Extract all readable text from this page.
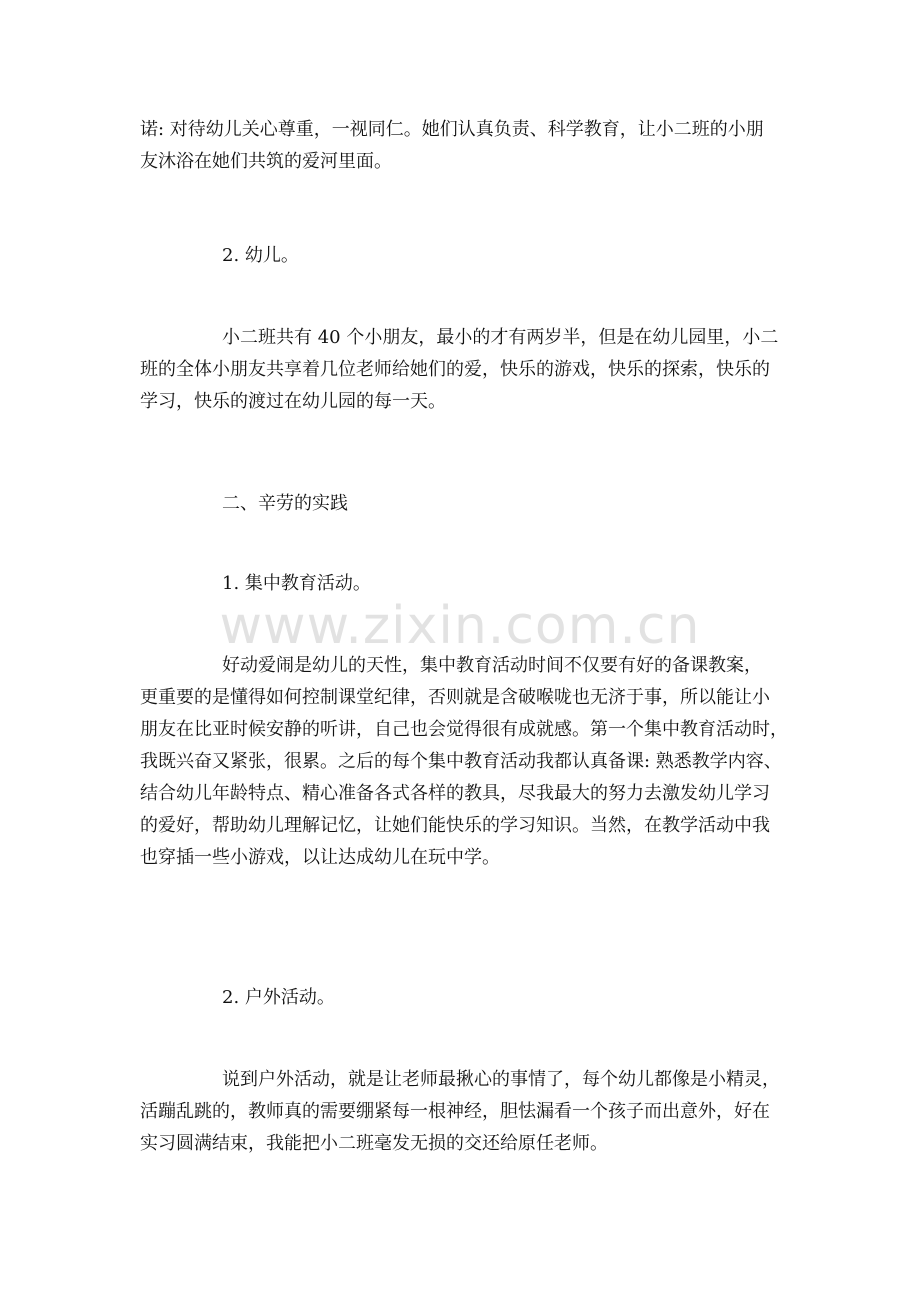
诺: 对待幼儿关心尊重，一视同仁。她们认真负责、科学教育，让小二班的小朋
友沐浴在她们共筑的爱河里面。
2. 幼儿。
小二班共有 40 个小朋友，最小的才有两岁半，但是在幼儿园里，小二
班的全体小朋友共享着几位老师给她们的爱，快乐的游戏，快乐的探索，快乐的
学习，快乐的渡过在幼儿园的每一天。
二、辛劳的实践
1. 集中教育活动。
好动爱闹是幼儿的天性，集中教育活动时间不仅要有好的备课教案，
更重要的是懂得如何控制课堂纪律，否则就是含破喉咙也无济于事，所以能让小
朋友在比亚时候安静的听讲，自己也会觉得很有成就感。第一个集中教育活动时，
我既兴奋又紧张，很累。之后的每个集中教育活动我都认真备课: 熟悉教学内容、
结合幼儿年龄特点、精心准备各式各样的教具，尽我最大的努力去激发幼儿学习
的爱好，帮助幼儿理解记忆，让她们能快乐的学习知识。当然，在教学活动中我
也穿插一些小游戏，以让达成幼儿在玩中学。
2. 户外活动。
说到户外活动，就是让老师最揪心的事情了，每个幼儿都像是小精灵，
活蹦乱跳的，教师真的需要绷紧每一根神经，胆怯漏看一个孩子而出意外，好在
实习圆满结束，我能把小二班毫发无损的交还给原任老师。
www.zixin.com.cn
